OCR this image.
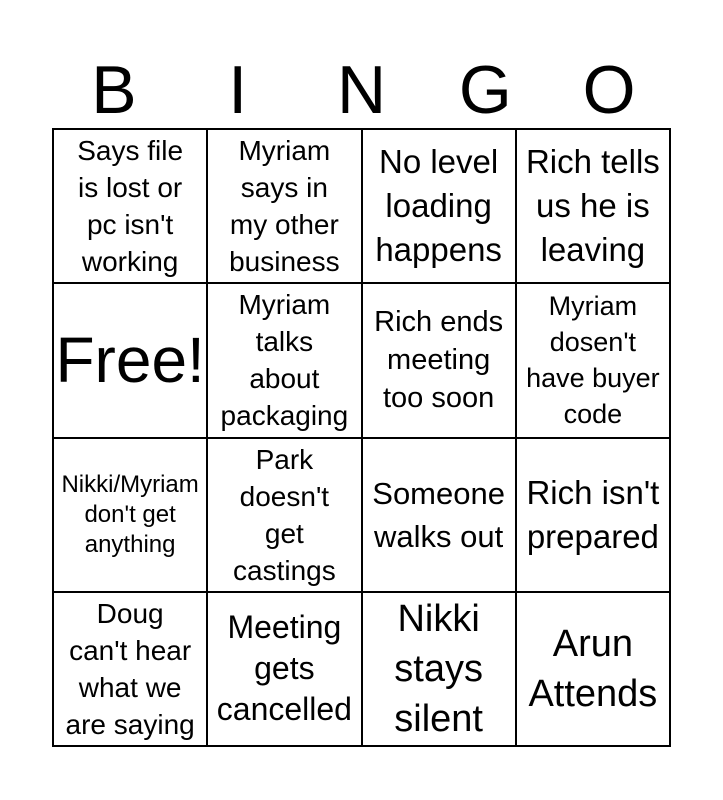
B	I	N	G	O
Says file
is lost or
pc isn't
working
Myriam
says in
my other
business
No level
loading
happens
Rich tells
us he is
leaving
Free!
Myriam
talks
about
packaging
Rich ends
meeting
too soon
Myriam
dosen't
have buyer
code
Nikki/Myriam
don't get
anything
Park
doesn't
get
castings
Someone
walks out
Rich isn't
prepared
Doug
can't hear
what we
are saying
Meeting
gets
cancelled
Nikki
stays
silent
Arun
Attends
